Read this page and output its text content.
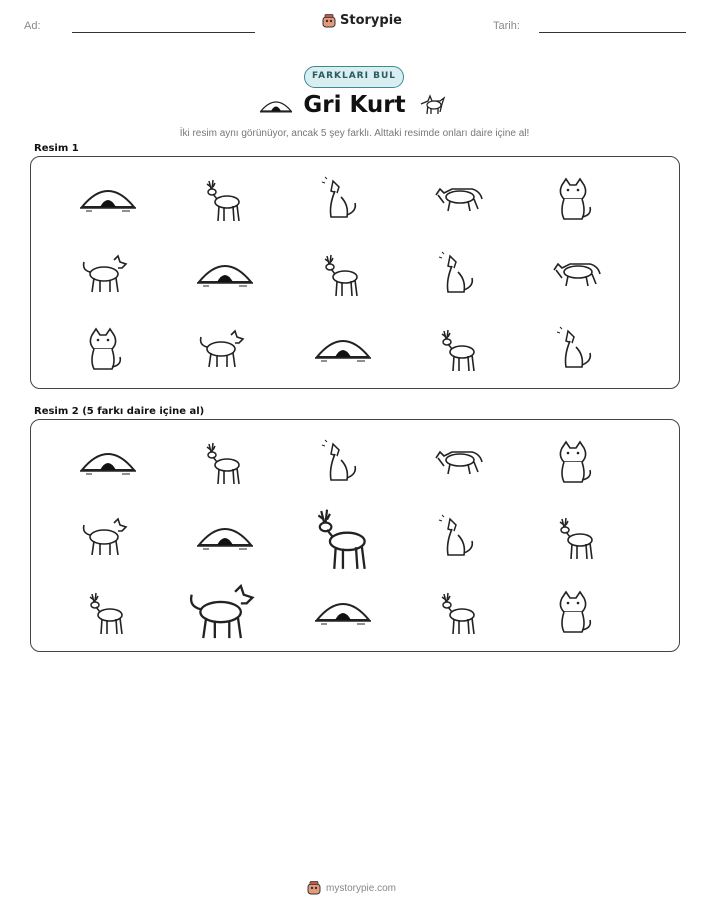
Ad:	Storypie	Tarih:
FARKLARI BUL
Gri Kurt
İki resim aynı görünüyor, ancak 5 şey farklı. Alttaki resimde onları daire içine al!
Resim 1
Resim 2 (5 farkı daire içine al)
mystorypie.com
